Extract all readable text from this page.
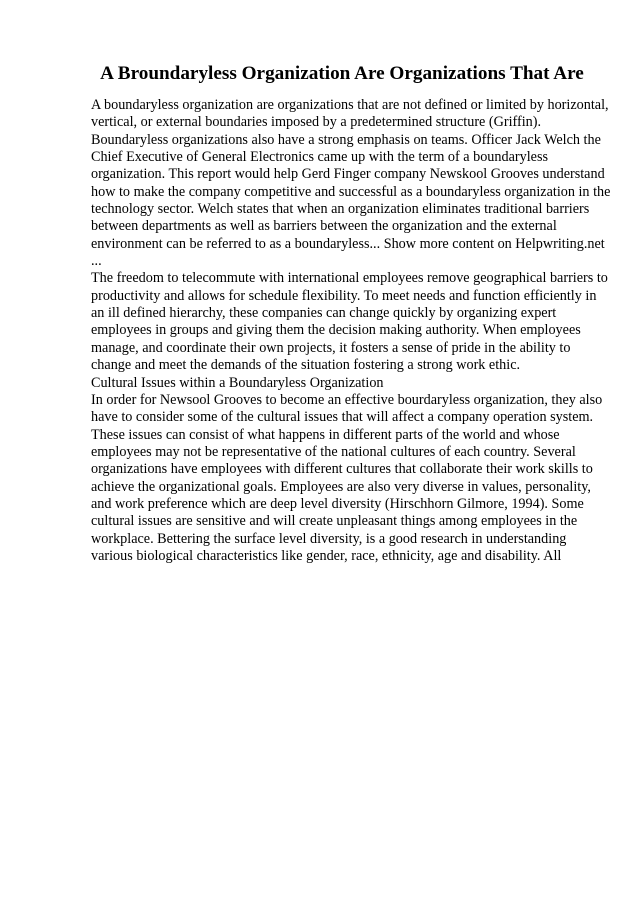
A Broundaryless Organization Are Organizations That Are

A boundaryless organization are organizations that are not defined or limited by horizontal, vertical, or external boundaries imposed by a predetermined structure (Griffin). Boundaryless organizations also have a strong emphasis on teams. Officer Jack Welch the Chief Executive of General Electronics came up with the term of a boundaryless organization. This report would help Gerd Finger company Newskool Grooves understand how to make the company competitive and successful as a boundaryless organization in the technology sector. Welch states that when an organization eliminates traditional barriers between departments as well as barriers between the organization and the external environment can be referred to as a boundaryless... Show more content on Helpwriting.net ...

The freedom to telecommute with international employees remove geographical barriers to productivity and allows for schedule flexibility. To meet needs and function efficiently in an ill defined hierarchy, these companies can change quickly by organizing expert employees in groups and giving them the decision making authority. When employees manage, and coordinate their own projects, it fosters a sense of pride in the ability to change and meet the demands of the situation fostering a strong work ethic.

Cultural Issues within a Boundaryless Organization

In order for Newsool Grooves to become an effective bourdaryless organization, they also have to consider some of the cultural issues that will affect a company operation system. These issues can consist of what happens in different parts of the world and whose employees may not be representative of the national cultures of each country. Several organizations have employees with different cultures that collaborate their work skills to achieve the organizational goals. Employees are also very diverse in values, personality, and work preference which are deep level diversity (Hirschhorn Gilmore, 1994). Some cultural issues are sensitive and will create unpleasant things among employees in the workplace. Bettering the surface level diversity, is a good research in understanding various biological characteristics like gender, race, ethnicity, age and disability. All
